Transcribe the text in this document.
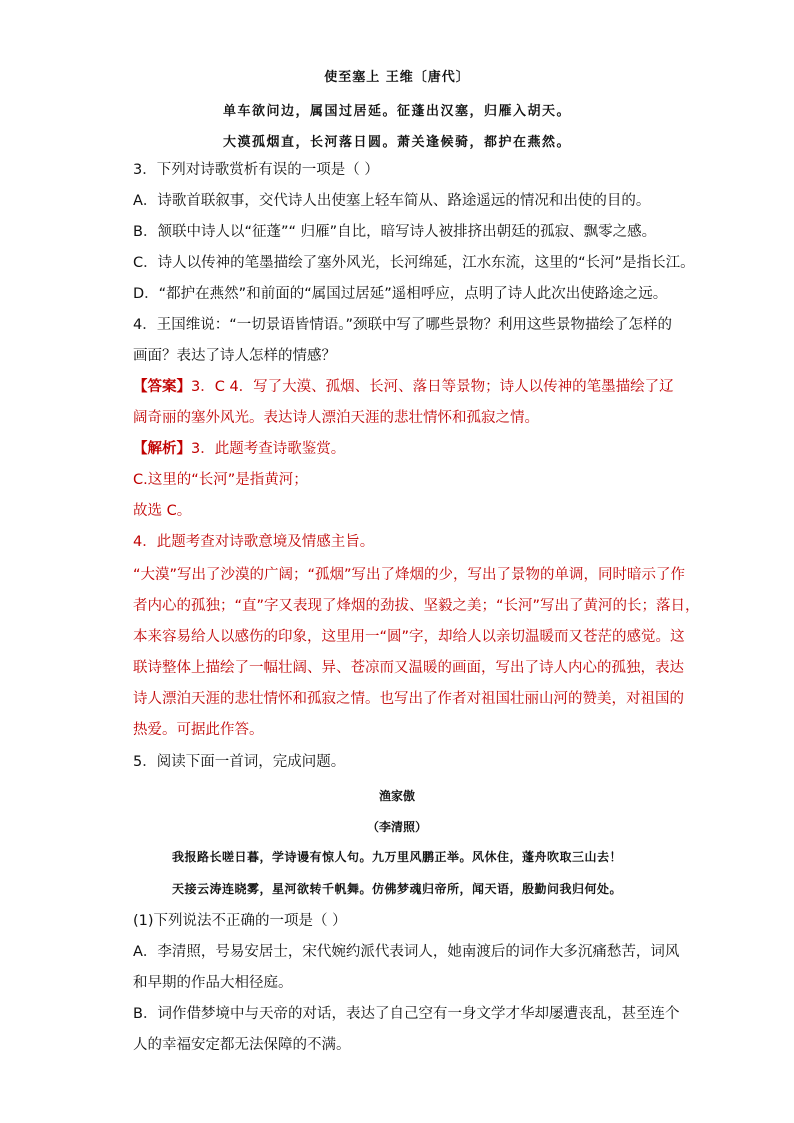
使至塞上 王维〔唐代〕
单车欲问边，属国过居延。征蓬出汉塞，归雁入胡天。
大漠孤烟直，长河落日圆。萧关逢候骑，都护在燕然。
3．下列对诗歌赏析有误的一项是（ ）
A．诗歌首联叙事，交代诗人出使塞上轻车简从、路途遥远的情况和出使的目的。
B．颔联中诗人以“征蓬”“ 归雁”自比，暗写诗人被排挤出朝廷的孤寂、飘零之感。
C．诗人以传神的笔墨描绘了塞外风光，长河绵延，江水东流，这里的“长河”是指长江。
D．“都护在燕然”和前面的“属国过居延”遥相呼应，点明了诗人此次出使路途之远。
4．王国维说：“一切景语皆情语。”颈联中写了哪些景物？利用这些景物描绘了怎样的
画面？表达了诗人怎样的情感？
【答案】3．C 4．写了大漠、孤烟、长河、落日等景物；诗人以传神的笔墨描绘了辽
阔奇丽的塞外风光。表达诗人漂泊天涯的悲壮情怀和孤寂之情。
【解析】3．此题考查诗歌鉴赏。
C.这里的“长河”是指黄河；
故选 C。
4．此题考查对诗歌意境及情感主旨。
“大漠”写出了沙漠的广阔；“孤烟”写出了烽烟的少，写出了景物的单调，同时暗示了作
者内心的孤独；“直”字又表现了烽烟的劲拔、坚毅之美；“长河”写出了黄河的长；落日，
本来容易给人以感伤的印象，这里用一“圆”字，却给人以亲切温暖而又苍茫的感觉。这
联诗整体上描绘了一幅壮阔、异、苍凉而又温暖的画面，写出了诗人内心的孤独，表达
诗人漂泊天涯的悲壮情怀和孤寂之情。也写出了作者对祖国壮丽山河的赞美，对祖国的
热爱。可据此作答。
5．阅读下面一首词，完成问题。
渔家傲
（李清照）
我报路长嗟日暮，学诗谩有惊人句。九万里风鹏正举。风休住，蓬舟吹取三山去！
天接云涛连晓雾，星河欲转千帆舞。仿佛梦魂归帝所，闻天语，殷勤问我归何处。
(1)下列说法不正确的一项是（ ）
A．李清照，号易安居士，宋代婉约派代表词人，她南渡后的词作大多沉痛愁苦，词风
和早期的作品大相径庭。
B．词作借梦境中与天帝的对话，表达了自己空有一身文学才华却屡遭丧乱，甚至连个
人的幸福安定都无法保障的不满。
